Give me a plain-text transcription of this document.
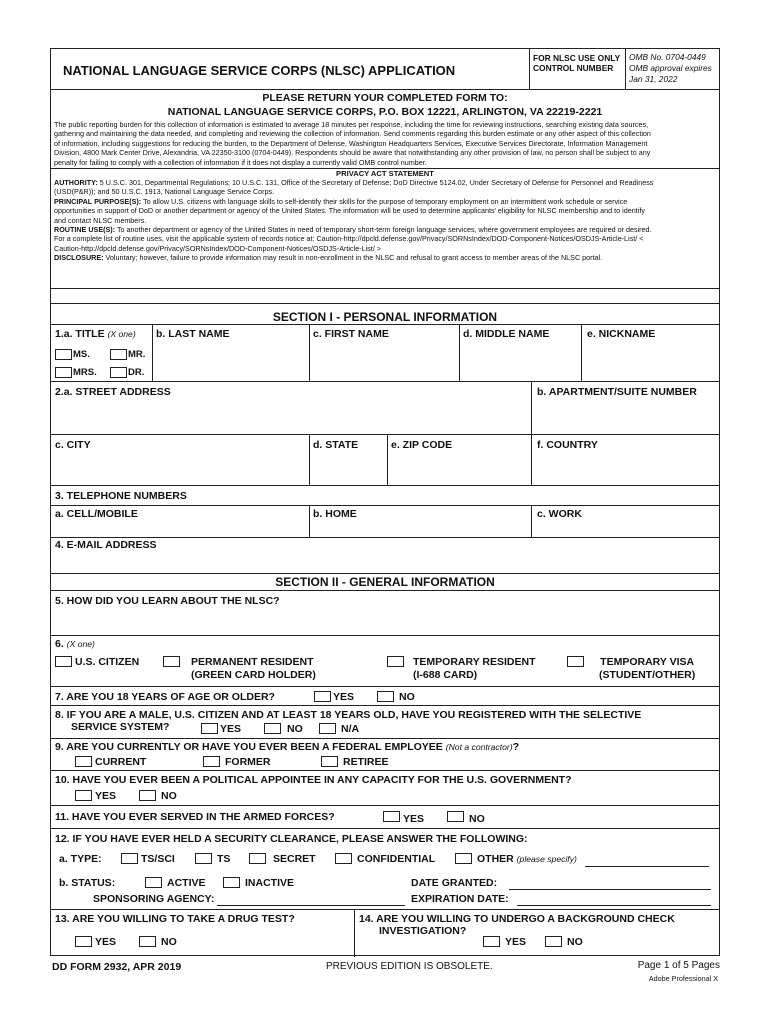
NATIONAL LANGUAGE SERVICE CORPS (NLSC) APPLICATION
FOR NLSC USE ONLY
CONTROL NUMBER
OMB No. 0704-0449
OMB approval expires
Jan 31, 2022
PLEASE RETURN YOUR COMPLETED FORM TO:
NATIONAL LANGUAGE SERVICE CORPS, P.O. BOX 12221, ARLINGTON, VA 22219-2221
The public reporting burden for this collection of information is estimated to average 18 minutes per response, including the time for reviewing instructions, searching existing data sources,
gathering and maintaining the data needed, and completing and reviewing the collection of information. Send comments regarding this burden estimate or any other aspect of this collection
of information, including suggestions for reducing the burden, to the Department of Defense, Washington Headquarters Services, Executive Services Directorate, Information Management
Division, 4800 Mark Center Drive, Alexandria, VA 22350-3100 (0704-0449). Respondents should be aware that notwithstanding any other provision of law, no person shall be subject to any
penalty for failing to comply with a collection of information if it does not display a currently valid OMB control number.
PRIVACY ACT STATEMENT
AUTHORITY: 5 U.S.C. 301, Departmental Regulations; 10 U.S.C. 131, Office of the Secretary of Defense; DoD Directive 5124.02, Under Secretary of Defense for Personnel and Readiness
(USD(P&R)); and 50 U.S.C. 1913, National Language Service Corps.
PRINCIPAL PURPOSE(S): To allow U.S. citizens with language skills to self-identify their skills for the purpose of temporary employment on an intermittent work schedule or service
opportunities in support of DoD or another department or agency of the United States. The information will be used to determine applicants' eligibility for NLSC membership and to identify
and contact NLSC members.
ROUTINE USE(S): To another department or agency of the United States in need of temporary short-term foreign language services, where government employees are required or desired.
For a complete list of routine uses, visit the applicable system of records notice at: Caution-http://dpcld.defense.gov/Privacy/SORNsIndex/DOD-Component-Notices/OSDJS-Article-List/ <
Caution-http://dpcld.defense.gov/Privacy/SORNsIndex/DOD-Component-Notices/OSDJS-Article-List/ >
DISCLOSURE: Voluntary; however, failure to provide information may result in non-enrollment in the NLSC and refusal to grant access to member areas of the NLSC portal.
SECTION I - PERSONAL INFORMATION
1.a. TITLE (X one)
MS.	MR.
MRS.	DR.
b. LAST NAME	c. FIRST NAME	d. MIDDLE NAME	e. NICKNAME
2.a. STREET ADDRESS	b. APARTMENT/SUITE NUMBER
c. CITY	d. STATE	e. ZIP CODE	f. COUNTRY
3. TELEPHONE NUMBERS
a. CELL/MOBILE	b. HOME	c. WORK
4. E-MAIL ADDRESS
SECTION II - GENERAL INFORMATION
5. HOW DID YOU LEARN ABOUT THE NLSC?
6. (X one)
U.S. CITIZEN	PERMANENT RESIDENT
(GREEN CARD HOLDER)
TEMPORARY RESIDENT
(I-688 CARD)
TEMPORARY VISA
(STUDENT/OTHER)
7. ARE YOU 18 YEARS OF AGE OR OLDER?	YES	NO
8. IF YOU ARE A MALE, U.S. CITIZEN AND AT LEAST 18 YEARS OLD, HAVE YOU REGISTERED WITH THE SELECTIVE
SERVICE SYSTEM?	YES	NO	N/A
9. ARE YOU CURRENTLY OR HAVE YOU EVER BEEN A FEDERAL EMPLOYEE (Not a contractor)?
CURRENT	FORMER	RETIREE
10. HAVE YOU EVER BEEN A POLITICAL APPOINTEE IN ANY CAPACITY FOR THE U.S. GOVERNMENT?
YES	NO
11. HAVE YOU EVER SERVED IN THE ARMED FORCES?	YES	NO
12. IF YOU HAVE EVER HELD A SECURITY CLEARANCE, PLEASE ANSWER THE FOLLOWING:
a. TYPE:	TS/SCI	TS	SECRET	CONFIDENTIAL	OTHER (please specify)
b. STATUS:	ACTIVE	INACTIVE	DATE GRANTED:
SPONSORING AGENCY:	EXPIRATION DATE:
13. ARE YOU WILLING TO TAKE A DRUG TEST?
YES	NO
14. ARE YOU WILLING TO UNDERGO A BACKGROUND CHECK
INVESTIGATION?
YES	NO
DD FORM 2932, APR 2019	PREVIOUS EDITION IS OBSOLETE.	Page 1 of 5 Pages
Adobe Professional X
